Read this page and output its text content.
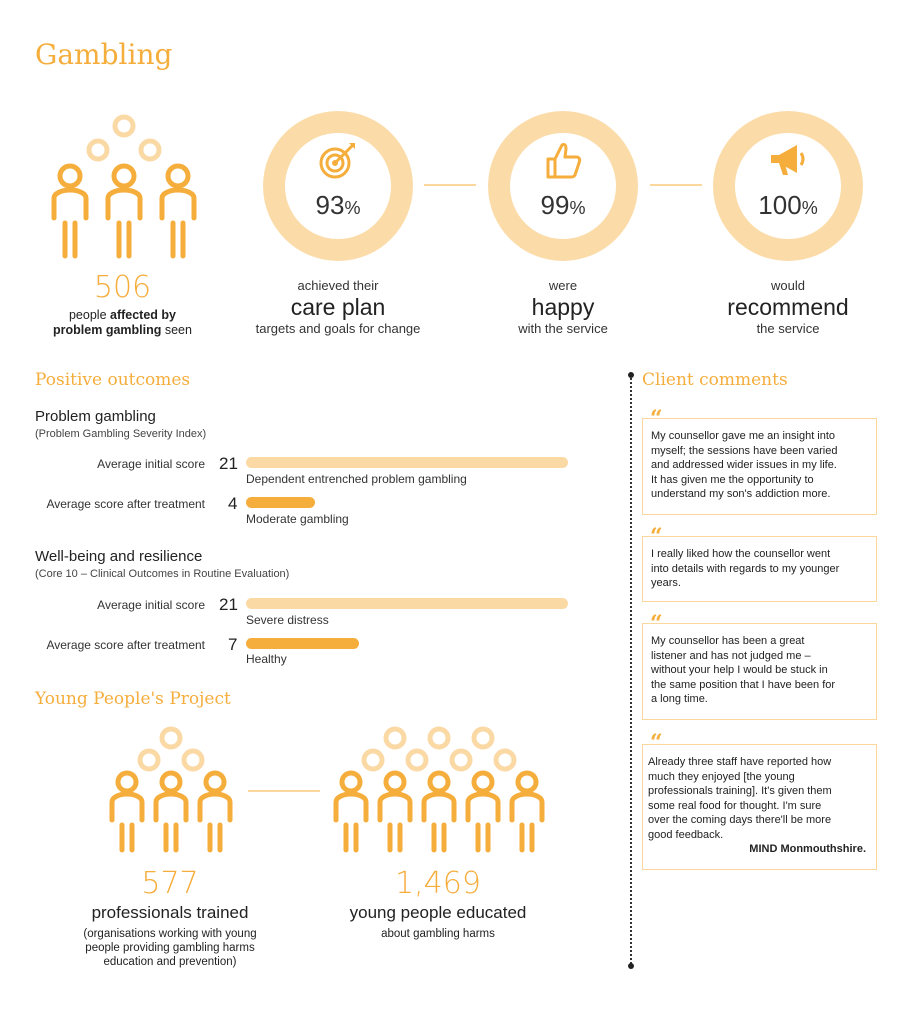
Gambling
506
people affected by
problem gambling seen
93%	99%	100%
achieved their
care plan
targets and goals for change
were
happy
with the service
would
recommend
the service
Positive outcomes
Problem gambling
(Problem Gambling Severity Index)
Average initial score 21
Dependent entrenched problem gambling
Average score after treatment 4
Moderate gambling
Well-being and resilience
(Core 10 – Clinical Outcomes in Routine Evaluation)
Average initial score 21
Severe distress
Average score after treatment 7
Healthy
Young People's Project
577
professionals trained
(organisations working with young
people providing gambling harms
education and prevention)
1,469
young people educated
about gambling harms
Client comments
“
My counsellor gave me an insight into
myself; the sessions have been varied
and addressed wider issues in my life.
It has given me the opportunity to
understand my son's addiction more.
“
I really liked how the counsellor went
into details with regards to my younger
years.
“
My counsellor has been a great
listener and has not judged me –
without your help I would be stuck in
the same position that I have been for
a long time.
“
Already three staff have reported how
much they enjoyed [the young
professionals training]. It's given them
some real food for thought. I'm sure
over the coming days there'll be more
good feedback.
MIND Monmouthshire.
